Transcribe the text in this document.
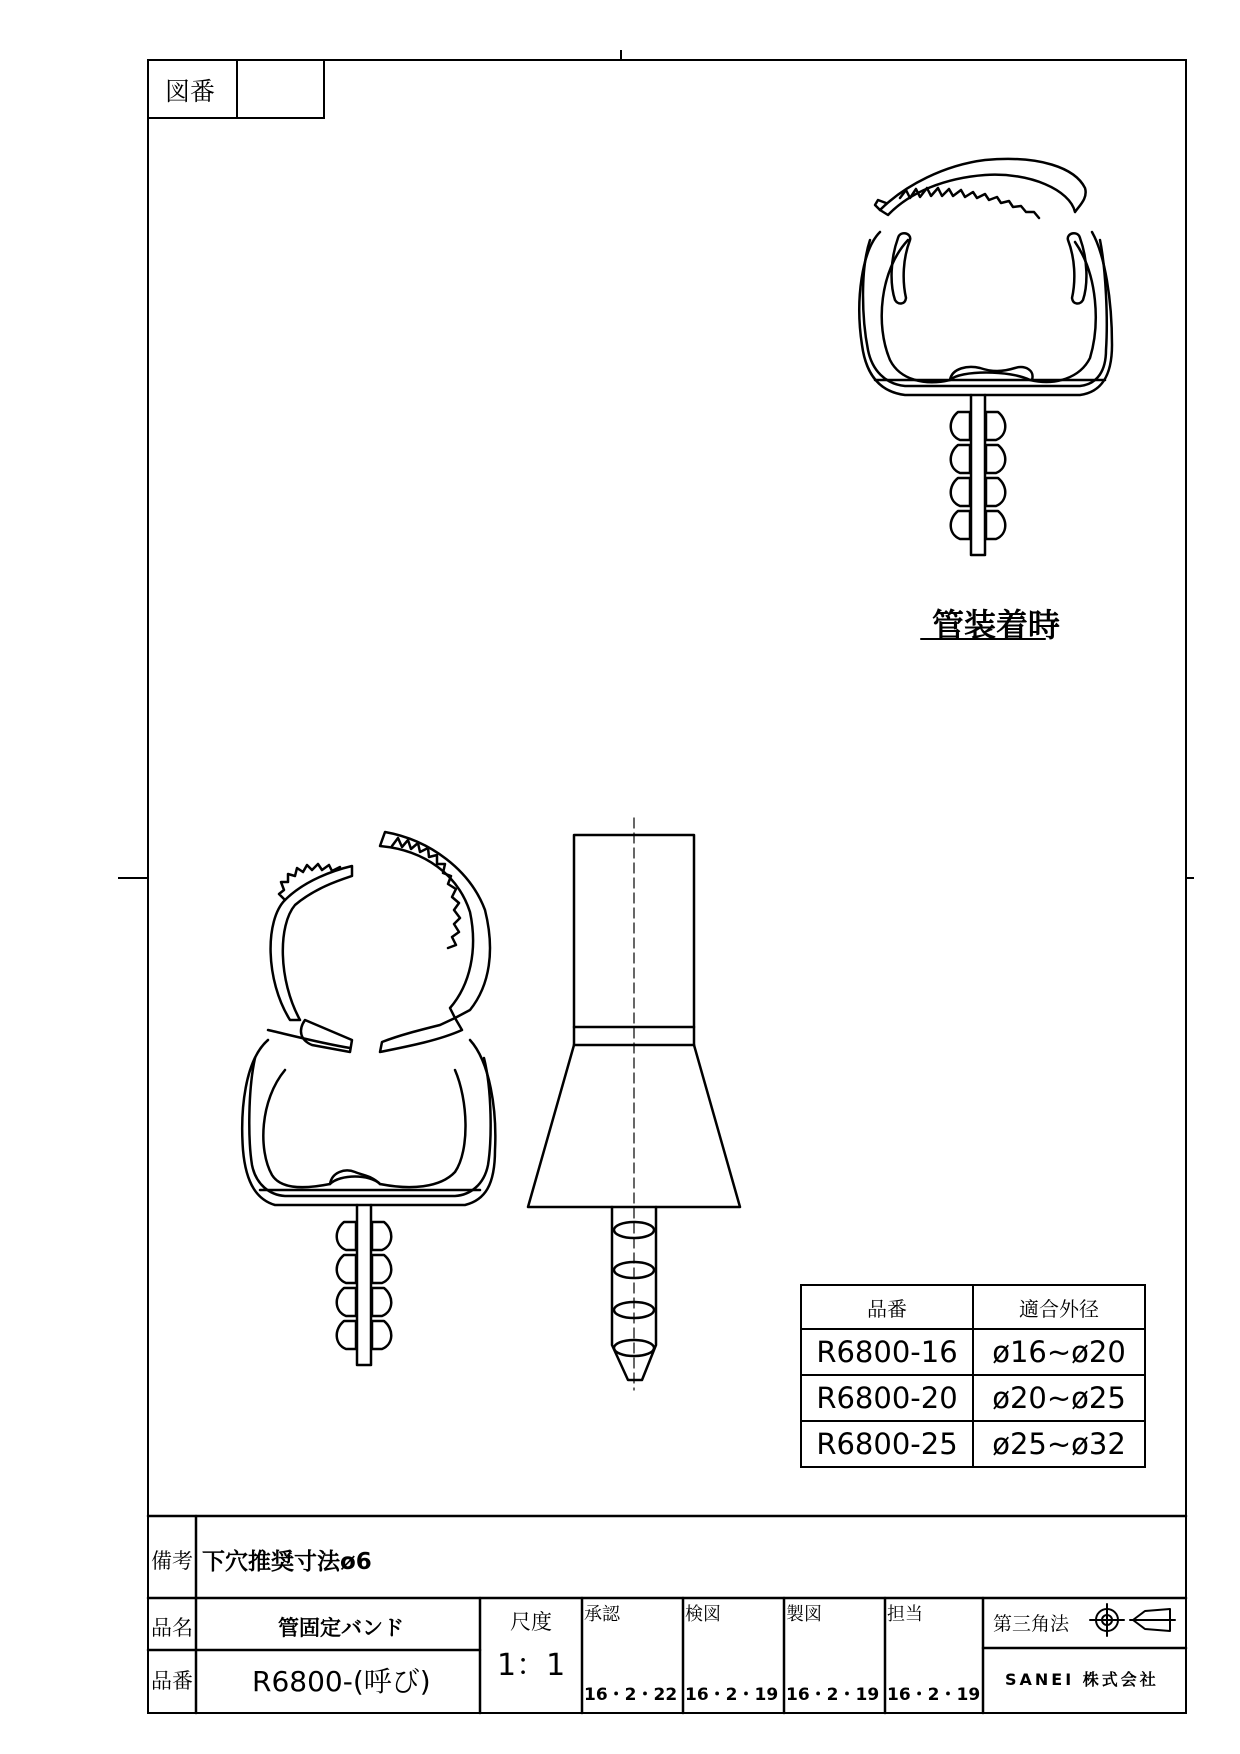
図番
管装着時
品番	適合外径
R6800-16	ø16~ø20
R6800-20	ø20~ø25
R6800-25	ø25~ø32
備考 下穴推奨寸法ø6
品名	管固定バンド
品番 R6800-(呼び)
尺度
1：1
承認
16・2・22
検図
16・2・19
製図
16・2・19
担当
16・2・19
第三角法
SANEI 株式会社
